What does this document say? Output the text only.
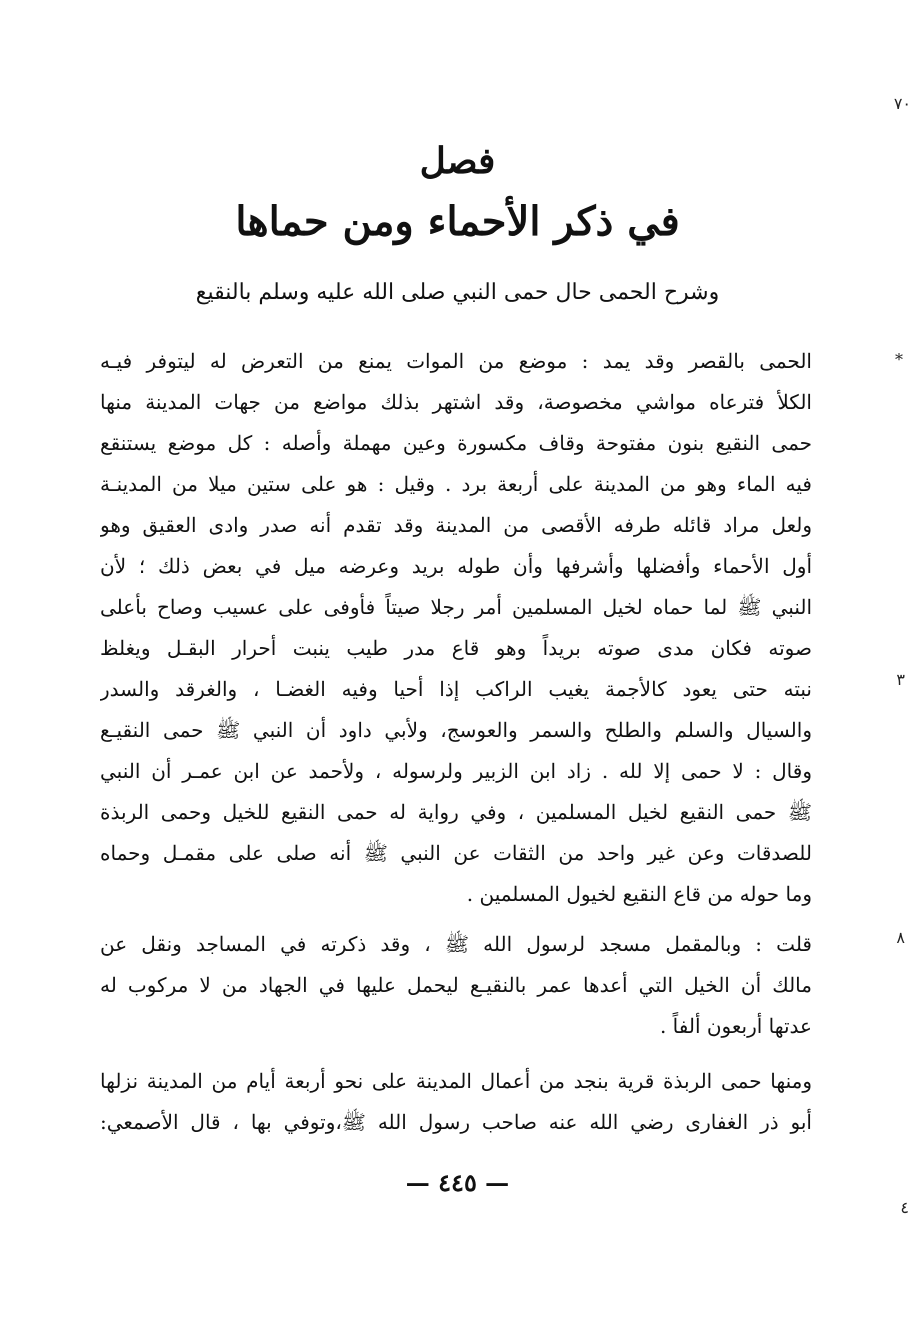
٧٠
*
٣
٨
٤
فصل
في ذكر الأحماء ومن حماها
وشرح الحمى حال حمى النبي صلى الله عليه وسلم بالنقيع
الحمى بالقصر وقد يمد : موضع من الموات يمنع من التعرض له ليتوفر فيـه
الكلأ فترعاه مواشي مخصوصة، وقد اشتهر بذلك مواضع من جهات المدينة منها
حمى النقيع بنون مفتوحة وقاف مكسورة وعين مهملة وأصله : كل موضع يستنقع
فيه الماء وهو من المدينة على أربعة برد . وقيل : هو على ستين ميلا من المدينـة
ولعل مراد قائله طرفه الأقصى من المدينة وقد تقدم أنه صدر وادى العقيق وهو
أول الأحماء وأفضلها وأشرفها وأن طوله بريد وعرضه ميل في بعض ذلك ؛ لأن
النبي ﷺ لما حماه لخيل المسلمين أمر رجلا صيتاً فأوفى على عسيب وصاح بأعلى
صوته فكان مدى صوته بريداً وهو قاع مدر طيب ينبت أحرار البقـل ويغلظ
نبته حتى يعود كالأجمة يغيب الراكب إذا أحيا وفيه الغضـا ، والغرقد والسدر
والسيال والسلم والطلح والسمر والعوسج، ولأبي داود أن النبي ﷺ حمى النقيـع
وقال : لا حمى إلا لله . زاد ابن الزبير ولرسوله ، ولأحمد عن ابن عمـر أن النبي
ﷺ حمى النقيع لخيل المسلمين ، وفي رواية له حمى النقيع للخيل وحمى الربذة
للصدقات وعن غير واحد من الثقات عن النبي ﷺ أنه صلى على مقمـل وحماه
وما حوله من قاع النقيع لخيول المسلمين .
قلت : وبالمقمل مسجد لرسول الله ﷺ ، وقد ذكرته في المساجد ونقل عن
مالك أن الخيل التي أعدها عمر بالنقيـع ليحمل عليها في الجهاد من لا مركوب له
عدتها أربعون ألفاً .
ومنها حمى الربذة قرية بنجد من أعمال المدينة على نحو أربعة أيام من المدينة نزلها
أبو ذر الغفارى رضي الله عنه صاحب رسول الله ﷺ،وتوفي بها ، قال الأصمعي:
— ٤٤٥ —
